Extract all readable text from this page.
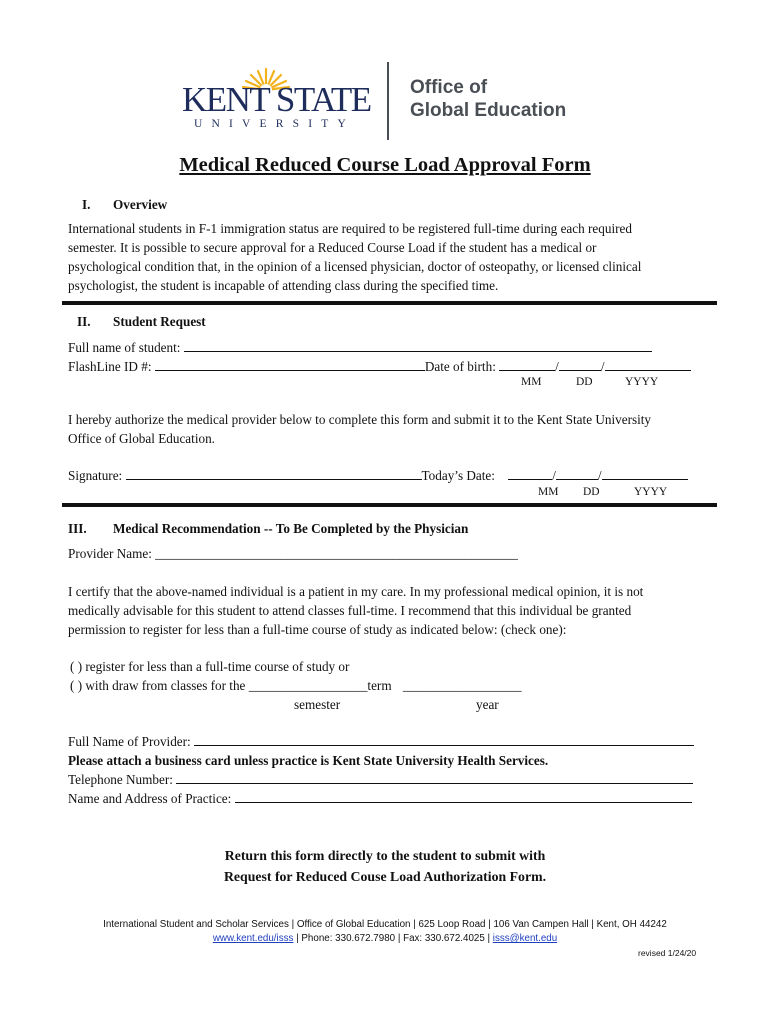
KENT STATE
UNIVERSITY
Office of
Global Education
Medical Reduced Course Load Approval Form
I. Overview
International students in F-1 immigration status are required to be registered full-time during each required
semester. It is possible to secure approval for a Reduced Course Load if the student has a medical or
psychological condition that, in the opinion of a licensed physician, doctor of osteopathy, or licensed clinical
psychologist, the student is incapable of attending class during the specified time.
II. Student Request
Full name of student:
FlashLine ID #:	Date of birth:	/	/
MM	DD	YYYY
I hereby authorize the medical provider below to complete this form and submit it to the Kent State University
Office of Global Education.
Signature:	Today’s Date:	/	/
MM DD	YYYY
III. Medical Recommendation -- To Be Completed by the Physician
Provider Name: _______________________________________________________
I certify that the above-named individual is a patient in my care. In my professional medical opinion, it is not
medically advisable for this student to attend classes full-time. I recommend that this individual be granted
permission to register for less than a full-time course of study as indicated below: (check one):
( ) register for less than a full-time course of study or
( ) with draw from classes for the __________________term __________________
semester	year
Full Name of Provider:
Please attach a business card unless practice is Kent State University Health Services.
Telephone Number:
Name and Address of Practice:
Return this form directly to the student to submit with
Request for Reduced Couse Load Authorization Form.
International Student and Scholar Services | Office of Global Education | 625 Loop Road | 106 Van Campen Hall | Kent, OH 44242
www.kent.edu/isss | Phone: 330.672.7980 | Fax: 330.672.4025 | isss@kent.edu
revised 1/24/20
